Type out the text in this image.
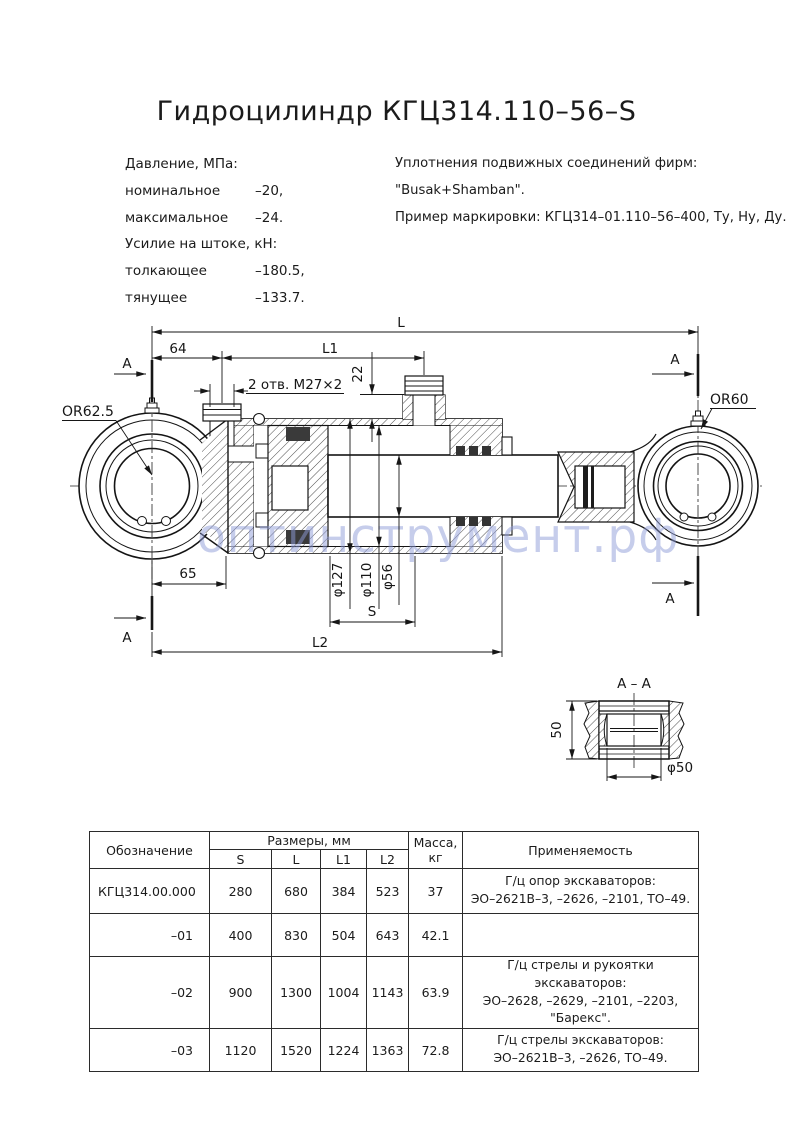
Гидроцилиндр КГЦ314.110–56–S
Давление, МПа:
номинальное	–20,
максимальное –24.
Усилие на штоке, кН:
толкающее	–180.5,
тянущее	–133.7.
Уплотнения подвижных соединений фирм:
"Busak+Shamban".
Пример маркировки: КГЦ314–01.110–56–400, Ту, Ну, Ду.
оптинструмент.рф
L
64	L1
22
2 отв. М27×2
OR62.5
OR60
A
A
A
A
65
L2
S
φ127 φ110 φ56
А – А
50
φ50
Обозначение	Размеры, мм				Масса,
кг	Применяемость
	S	L	L1	L2		
КГЦ314.00.000	280	680	384	523	37	Г/ц опор экскаваторов:
ЭО–2621В–3, –2626, –2101, ТО–49.

–01	400	830	504	643	42.1	

–02	900	1300	1004	1143	63.9	Г/ц стрелы и рукоятки экскаваторов:
ЭО–2628, –2629, –2101, –2203, "Барекс".

–03	1120	1520	1224	1363	72.8	Г/ц стрелы экскаваторов:
ЭО–2621В–3, –2626, ТО–49.
